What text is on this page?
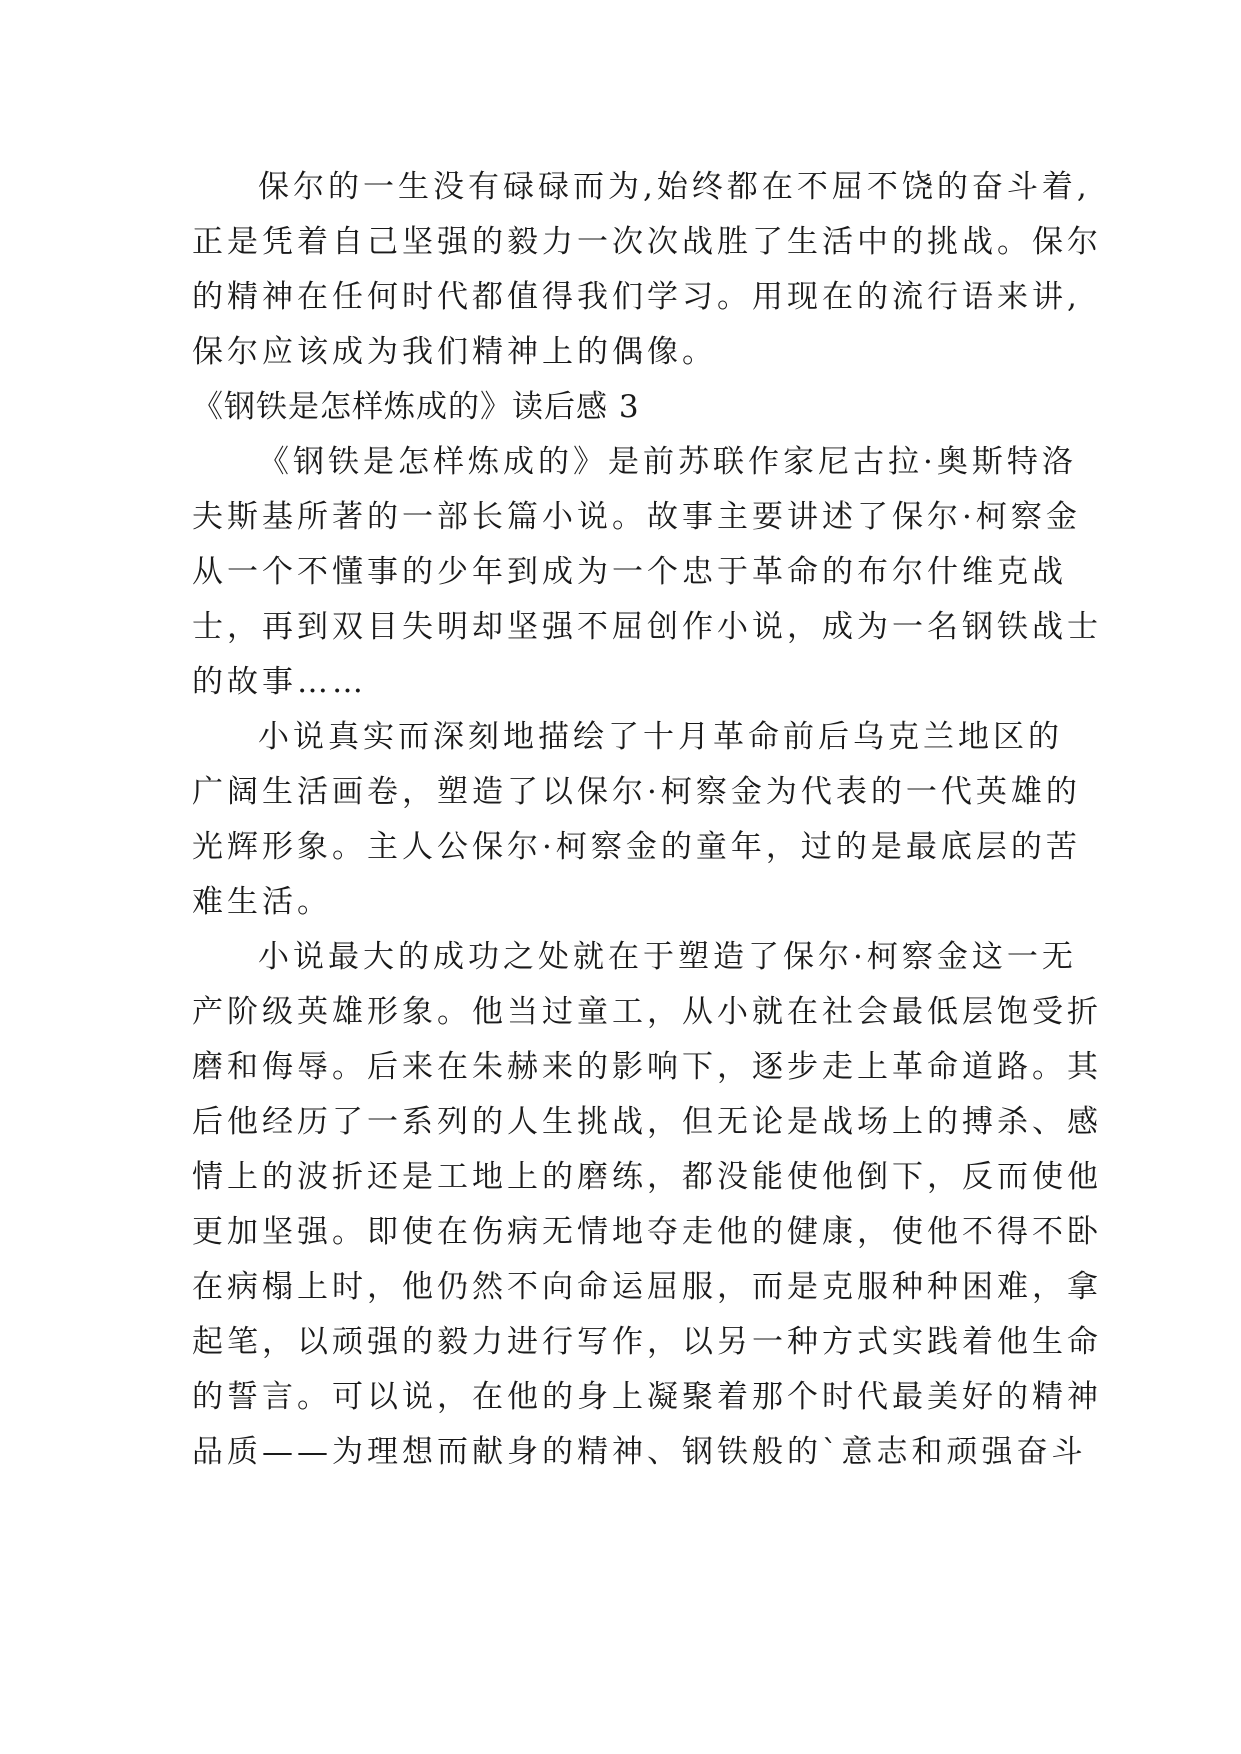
保尔的一生没有碌碌而为,始终都在不屈不饶的奋斗着,
正是凭着自己坚强的毅力一次次战胜了生活中的挑战。保尔
的精神在任何时代都值得我们学习。用现在的流行语来讲,
保尔应该成为我们精神上的偶像。
《钢铁是怎样炼成的》读后感 3
《钢铁是怎样炼成的》是前苏联作家尼古拉·奥斯特洛
夫斯基所著的一部长篇小说。故事主要讲述了保尔·柯察金
从一个不懂事的少年到成为一个忠于革命的布尔什维克战
士，再到双目失明却坚强不屈创作小说，成为一名钢铁战士
的故事……
小说真实而深刻地描绘了十月革命前后乌克兰地区的
广阔生活画卷，塑造了以保尔·柯察金为代表的一代英雄的
光辉形象。主人公保尔·柯察金的童年，过的是最底层的苦
难生活。
小说最大的成功之处就在于塑造了保尔·柯察金这一无
产阶级英雄形象。他当过童工，从小就在社会最低层饱受折
磨和侮辱。后来在朱赫来的影响下，逐步走上革命道路。其
后他经历了一系列的人生挑战，但无论是战场上的搏杀、感
情上的波折还是工地上的磨练，都没能使他倒下，反而使他
更加坚强。即使在伤病无情地夺走他的健康，使他不得不卧
在病榻上时，他仍然不向命运屈服，而是克服种种困难，拿
起笔，以顽强的毅力进行写作，以另一种方式实践着他生命
的誓言。可以说，在他的身上凝聚着那个时代最美好的精神
品质——为理想而献身的精神、钢铁般的`意志和顽强奋斗
